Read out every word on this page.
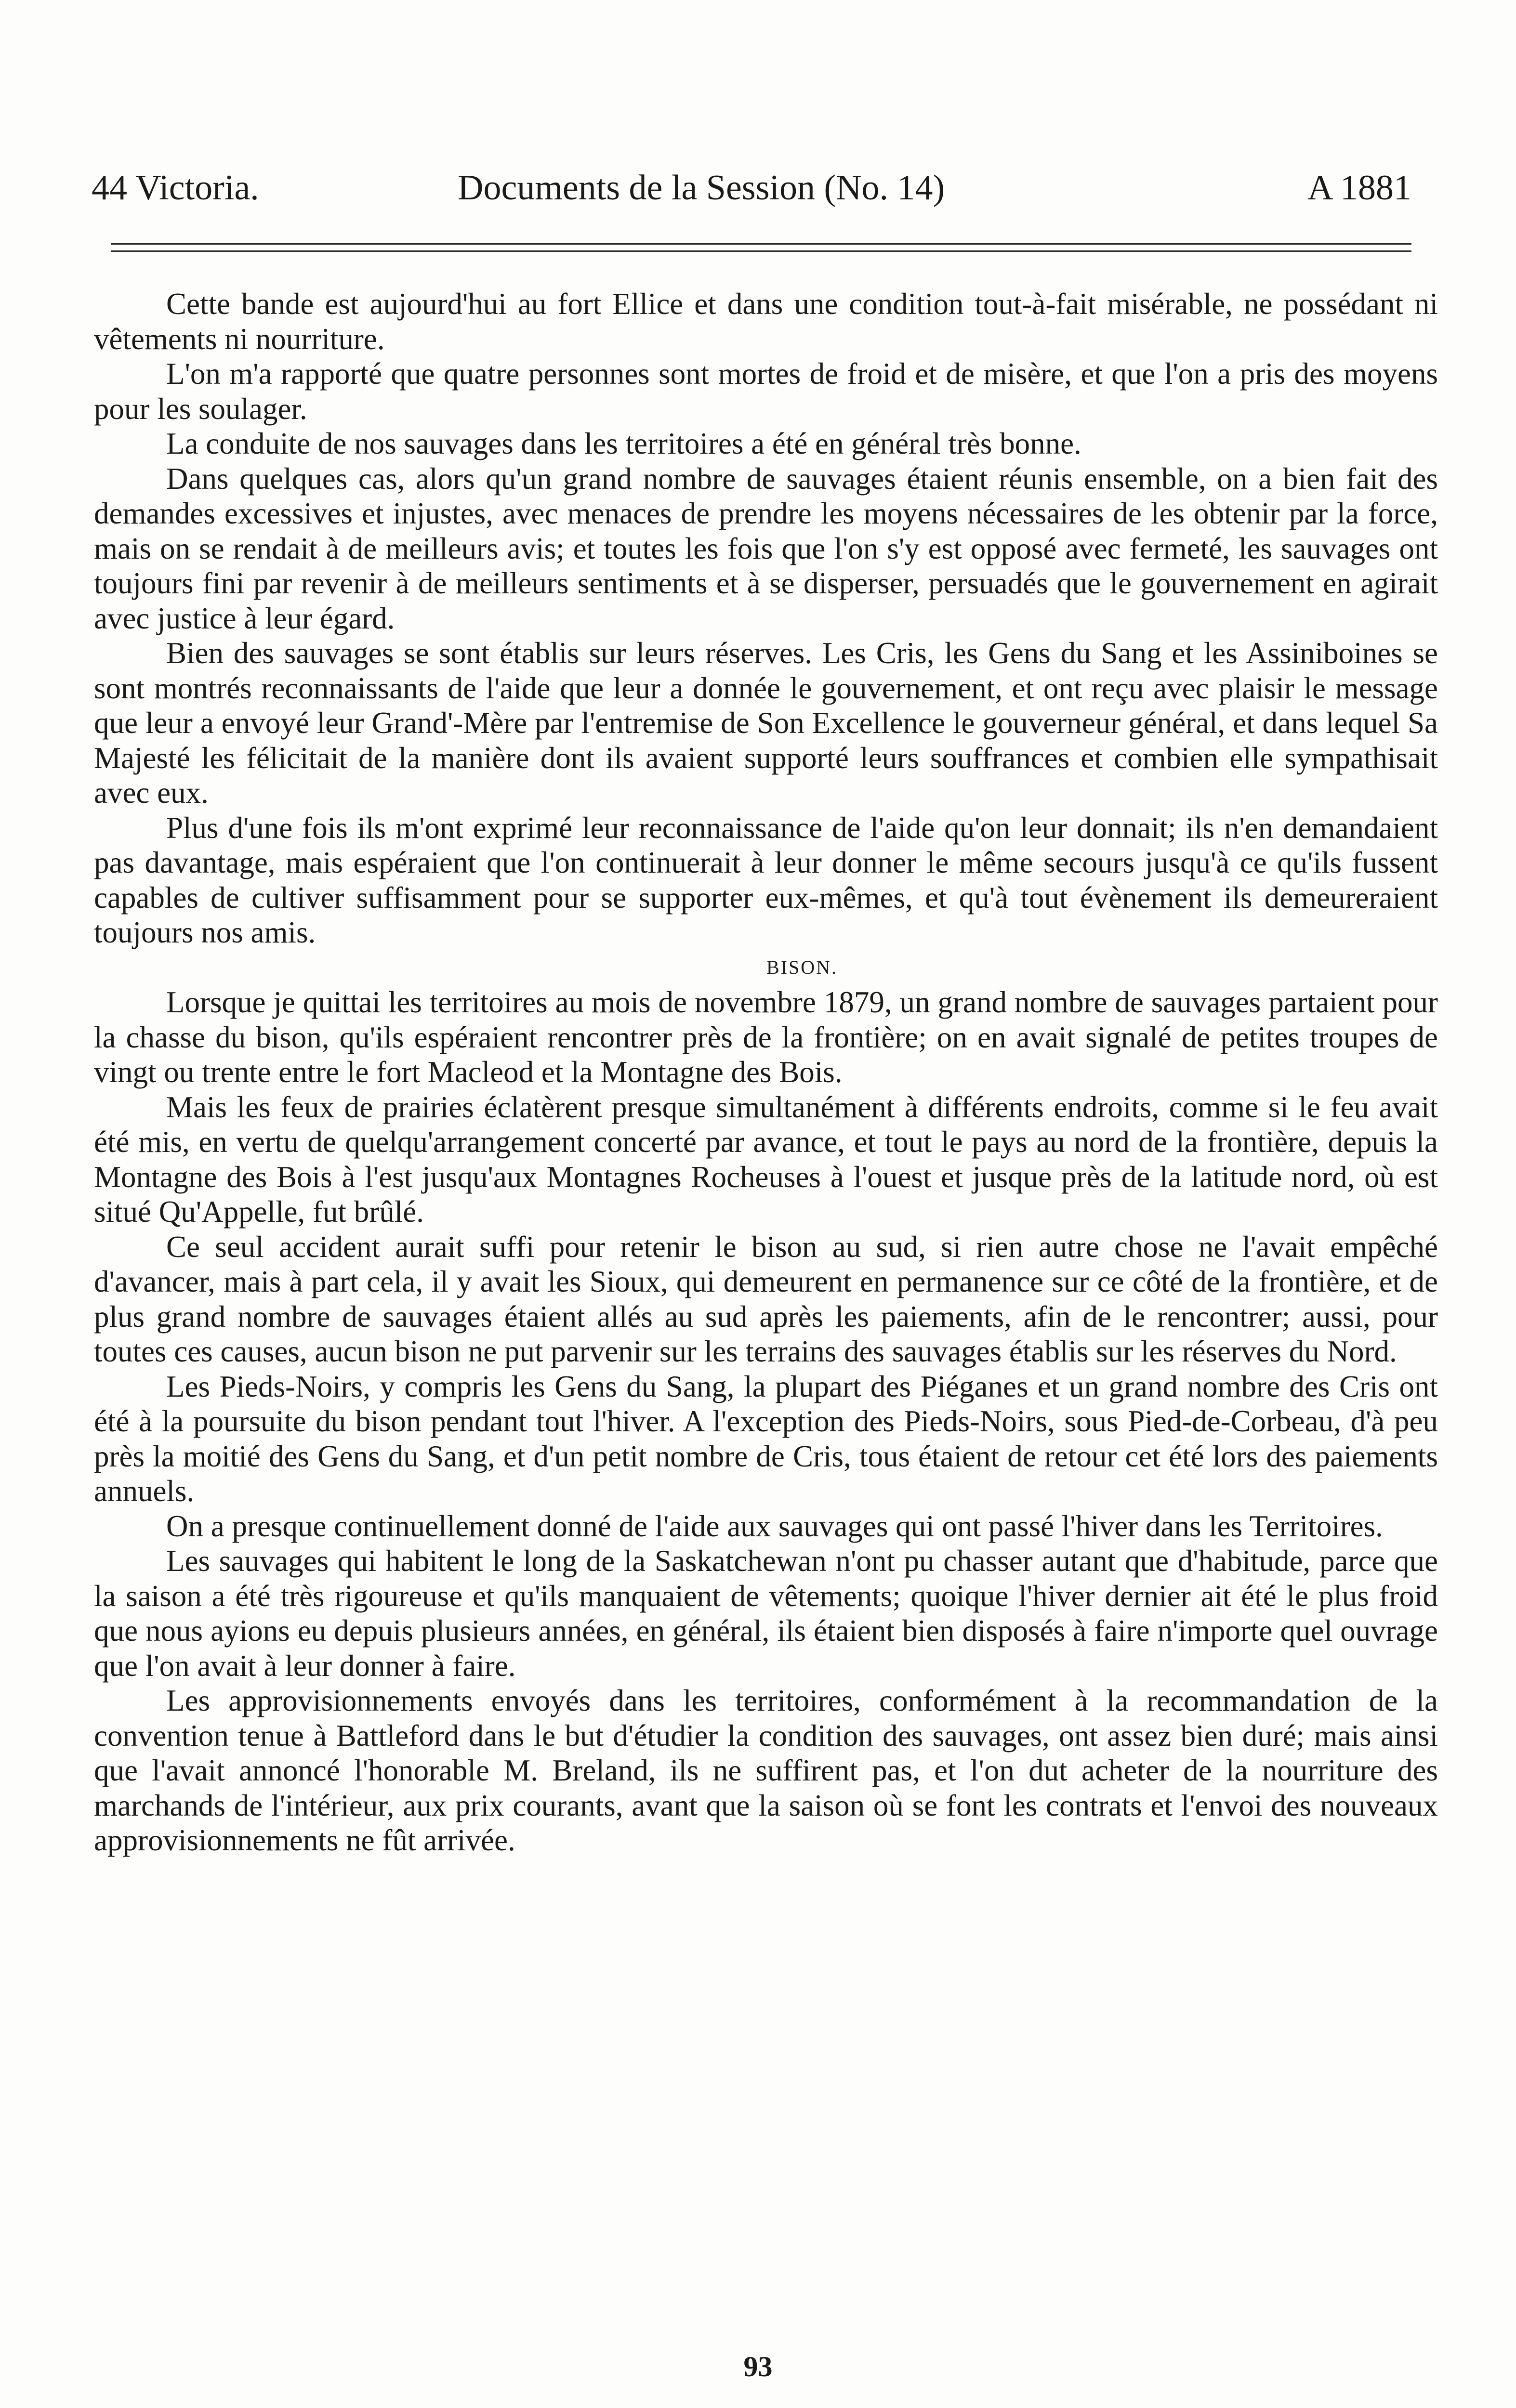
44 Victoria.	Documents de la Session (No. 14)	A 1881

Cette bande est aujourd'hui au fort Ellice et dans une condition tout-à-fait misérable, ne possédant ni vêtements ni nourriture.

L'on m'a rapporté que quatre personnes sont mortes de froid et de misère, et que l'on a pris des moyens pour les soulager.

La conduite de nos sauvages dans les territoires a été en général très bonne.

Dans quelques cas, alors qu'un grand nombre de sauvages étaient réunis ensemble, on a bien fait des demandes excessives et injustes, avec menaces de prendre les moyens nécessaires de les obtenir par la force, mais on se rendait à de meilleurs avis; et toutes les fois que l'on s'y est opposé avec fermeté, les sauvages ont toujours fini par revenir à de meilleurs sentiments et à se disperser, persuadés que le gouvernement en agirait avec justice à leur égard.

Bien des sauvages se sont établis sur leurs réserves. Les Cris, les Gens du Sang et les Assiniboines se sont montrés reconnaissants de l'aide que leur a donnée le gouvernement, et ont reçu avec plaisir le message que leur a envoyé leur Grand'-Mère par l'entremise de Son Excellence le gouverneur général, et dans lequel Sa Majesté les félicitait de la manière dont ils avaient supporté leurs souffrances et combien elle sympathisait avec eux.

Plus d'une fois ils m'ont exprimé leur reconnaissance de l'aide qu'on leur donnait; ils n'en demandaient pas davantage, mais espéraient que l'on continuerait à leur donner le même secours jusqu'à ce qu'ils fussent capables de cultiver suffisamment pour se supporter eux-mêmes, et qu'à tout évènement ils demeureraient toujours nos amis.

BISON.

Lorsque je quittai les territoires au mois de novembre 1879, un grand nombre de sauvages partaient pour la chasse du bison, qu'ils espéraient rencontrer près de la frontière; on en avait signalé de petites troupes de vingt ou trente entre le fort Macleod et la Montagne des Bois.

Mais les feux de prairies éclatèrent presque simultanément à différents endroits, comme si le feu avait été mis, en vertu de quelqu'arrangement concerté par avance, et tout le pays au nord de la frontière, depuis la Montagne des Bois à l'est jusqu'aux Montagnes Rocheuses à l'ouest et jusque près de la latitude nord, où est situé Qu'Appelle, fut brûlé.

Ce seul accident aurait suffi pour retenir le bison au sud, si rien autre chose ne l'avait empêché d'avancer, mais à part cela, il y avait les Sioux, qui demeurent en permanence sur ce côté de la frontière, et de plus grand nombre de sauvages étaient allés au sud après les paiements, afin de le rencontrer; aussi, pour toutes ces causes, aucun bison ne put parvenir sur les terrains des sauvages établis sur les réserves du Nord.

Les Pieds-Noirs, y compris les Gens du Sang, la plupart des Piéganes et un grand nombre des Cris ont été à la poursuite du bison pendant tout l'hiver. A l'exception des Pieds-Noirs, sous Pied-de-Corbeau, d'à peu près la moitié des Gens du Sang, et d'un petit nombre de Cris, tous étaient de retour cet été lors des paiements annuels.

On a presque continuellement donné de l'aide aux sauvages qui ont passé l'hiver dans les Territoires.

Les sauvages qui habitent le long de la Saskatchewan n'ont pu chasser autant que d'habitude, parce que la saison a été très rigoureuse et qu'ils manquaient de vêtements; quoique l'hiver dernier ait été le plus froid que nous ayions eu depuis plusieurs années, en général, ils étaient bien disposés à faire n'importe quel ouvrage que l'on avait à leur donner à faire.

Les approvisionnements envoyés dans les territoires, conformément à la recommandation de la convention tenue à Battleford dans le but d'étudier la condition des sauvages, ont assez bien duré; mais ainsi que l'avait annoncé l'honorable M. Breland, ils ne suffirent pas, et l'on dut acheter de la nourriture des marchands de l'intérieur, aux prix courants, avant que la saison où se font les contrats et l'envoi des nouveaux approvisionnements ne fût arrivée.

93
